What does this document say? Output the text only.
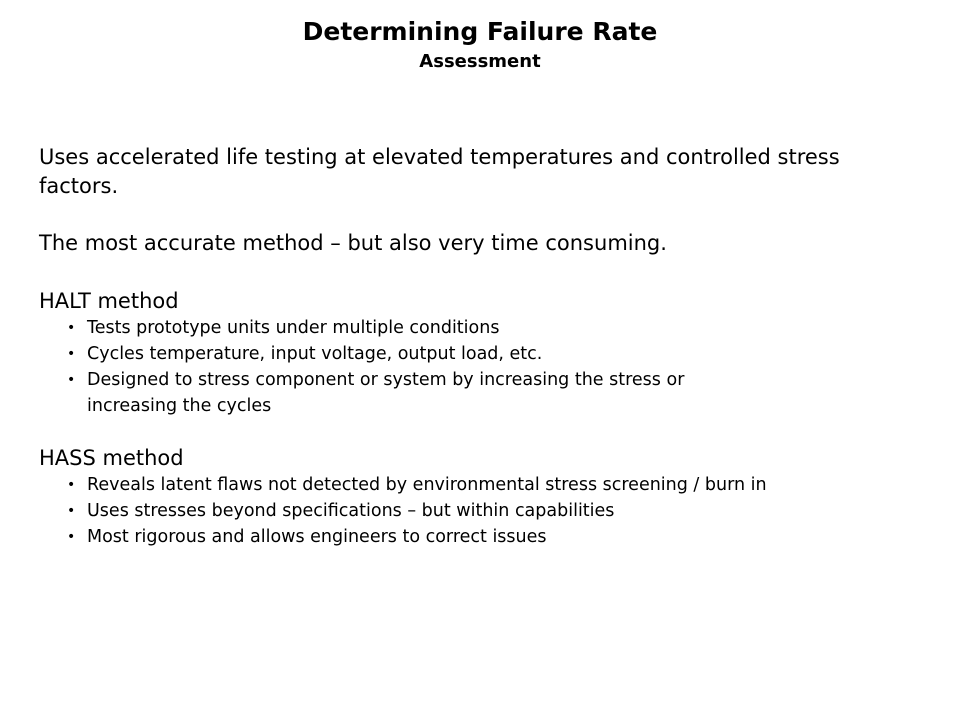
Determining Failure Rate
Assessment

Uses accelerated life testing at elevated temperatures and controlled stress factors.

The most accurate method – but also very time consuming.

HALT method

• Tests prototype units under multiple conditions
• Cycles temperature, input voltage, output load, etc.
• Designed to stress component or system by increasing the stress or increasing the cycles

HASS method

• Reveals latent flaws not detected by environmental stress screening / burn in
• Uses stresses beyond specifications – but within capabilities
• Most rigorous and allows engineers to correct issues
